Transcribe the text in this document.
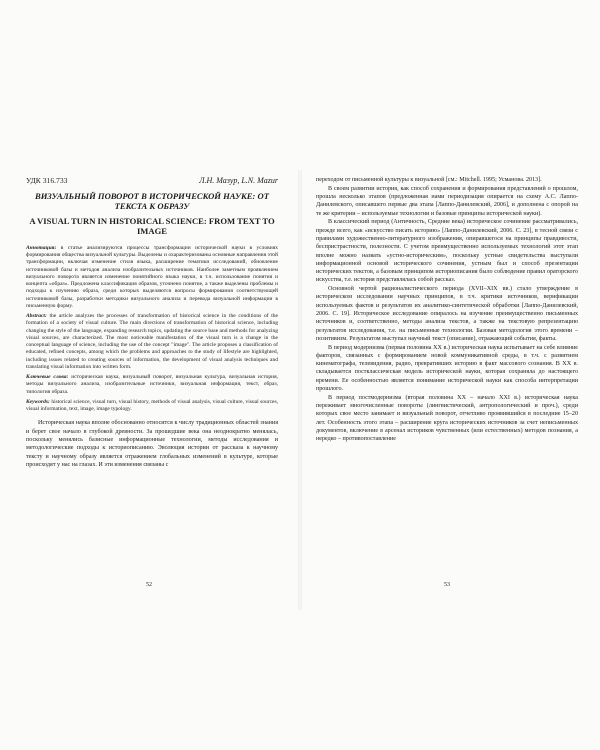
УДК 316.733	Л.Н. Мазур, L.N. Mazur
ВИЗУАЛЬНЫЙ ПОВОРОТ В ИСТОРИЧЕСКОЙ НАУКЕ: ОТ ТЕКСТА К ОБРАЗУ
A VISUAL TURN IN HISTORICAL SCIENCE: FROM TEXT TO IMAGE

Аннотация: в статье анализируются процессы трансформации исторической науки в условиях формирования общества визуальной культуры. Выделены и охарактеризованы основные направления этой трансформации, включая изменение стиля языка, расширение тематики исследований, обновление источниковой базы и методов анализа изобразительных источников. Наиболее заметным проявлением визуального поворота является изменение понятийного языка науки, в т.ч. использование понятия и концепта «образ». Предложена классификация образов, уточнено понятие, а также выделены проблемы и подходы к изучению образа, среди которых выделяются вопросы формирования соответствующей источниковой базы, разработки методики визуального анализа и перевода визуальной информации в письменную форму.

Abstract: the article analyzes the processes of transformation of historical science in the conditions of the formation of a society of visual culture. The main directions of transformation of historical science, including changing the style of the language, expanding research topics, updating the source base and methods for analyzing visual sources, are characterized. The most noticeable manifestation of the visual turn is a change in the conceptual language of science, including the use of the concept "image". The article proposes a classification of educated, refined concepts, among which the problems and approaches to the study of lifestyle are highlighted, including issues related to creating sources of information, the development of visual analysis techniques and translating visual information into written form.

Ключевые слова: историческая наука, визуальный поворот, визуальная культура, визуальная история, методы визуального анализа, изобразительные источники, визуальная информация, текст, образ, типология образа.

Keywords: historical science, visual turn, visual history, methods of visual analysis, visual culture, visual sources, visual information, text, image, image typology.

Историческая наука вполне обоснованно относится к числу традиционных областей знания и берет свое начало в глубокой древности. За прошедшие века она неоднократно менялась, поскольку менялись базисные информационные технологии, методы исследования и методологические подходы к историописанию. Эволюция истории от рассказа к научному тексту и научному образу является отражением глобальных изменений в культуре, которые происходят у нас на глазах. И эти изменения связаны с

переходом от письменной культуры к визуальной [см.: Mitchell. 1995; Усманова. 2013].

В своем развитии история, как способ сохранения и формирования представлений о прошлом, прошла несколько этапов (предложенная нами периодизация опирается на схему А.С. Лаппо-Данилевского, описавшего первые два этапа [Лаппо-Данилевский, 2006], и дополнена с опорой на те же критерии – используемые технологии и базовые принципы исторической науки).

В классический период (Античность, Средние века) историческое сочинение рассматривались, прежде всего, как «искусство писать историю» [Лаппо-Данилевский, 2006. С. 23], в тесной связи с правилами художественно-литературного изображения, опиравшегося на принципы правдивости, беспристрастности, полезности. С учетом преимущественно используемых технологий этот этап вполне можно назвать «устно-историческим», поскольку устные свидетельства выступали информационной основой исторического сочинения, устным был и способ презентации исторических текстов, а базовым принципом историописания было соблюдение правил ораторского искусства, т.е. история представлялась собой рассказ.

Основной чертой рационалистического периода (XVII–XIX вв.) стало утверждение в историческом исследовании научных принципов, в т.ч. критики источников, верификации используемых фактов и результатов их аналитико-синтетической обработки [Лаппо-Данилевский, 2006. С. 19]. Историческое исследование опиралось на изучение преимущественно письменных источников и, соответственно, методы анализа текстов, а также на текстовую репрезентацию результатов исследования, т.е. на письменные технологии. Базовая методология этого времени – позитивизм. Результатом выступал научный текст (описание), отражающий события, факты.

В период модернизма (первая половина XX в.) историческая наука испытывает на себе влияние факторов, связанных с формированием новой коммуникативной среды, в т.ч. с развитием кинематографа, телевидения, радио, превративших историю в факт массового сознания. В XX в. складывается постклассическая модель исторической науки, которая сохраняла до настоящего времени. Ее особенностью является понимание исторической науки как способа интерпретации прошлого.

В период постмодернизма (вторая половина XX – начало XXI в.) историческая наука переживает многочисленные повороты (лингвистический, антропологический и проч.), среди которых свое место занимает и визуальный поворот, отчетливо проявившийся в последние 15–20 лет. Особенность этого этапа – расширение круга исторических источников за счет неписьменных документов, включение в арсенал историков чувственных (или естественных) методов познания, а нередко – противопоставление

52	53
